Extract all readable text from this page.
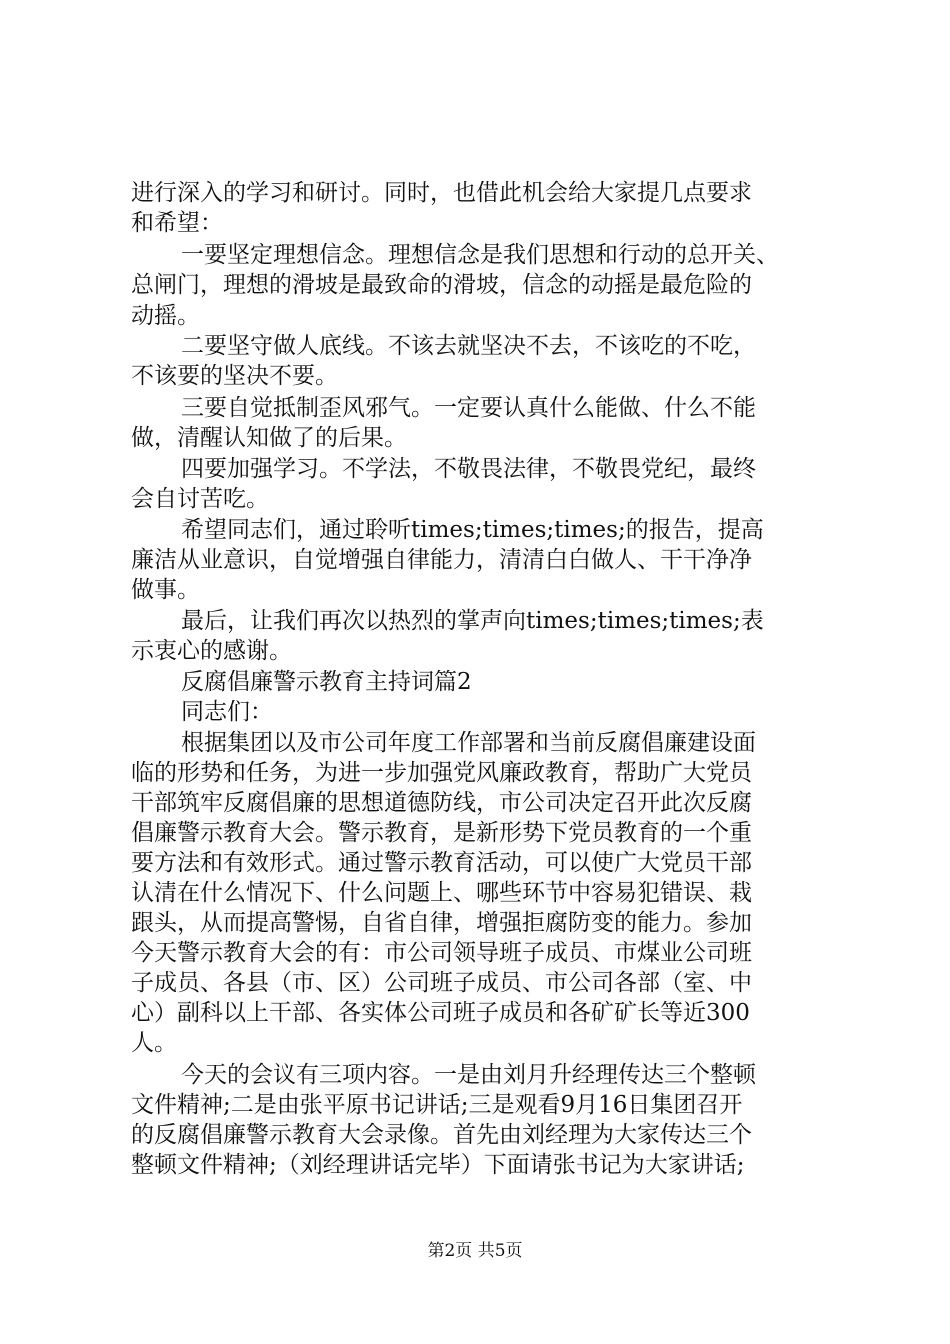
进行深入的学习和研讨。同时，也借此机会给大家提几点要求

和希望：

一要坚定理想信念。理想信念是我们思想和行动的总开关、

总闸门，理想的滑坡是最致命的滑坡，信念的动摇是最危险的

动摇。

二要坚守做人底线。不该去就坚决不去，不该吃的不吃，

不该要的坚决不要。

三要自觉抵制歪风邪气。一定要认真什么能做、什么不能

做，清醒认知做了的后果。

四要加强学习。不学法，不敬畏法律，不敬畏党纪，最终

会自讨苦吃。

希望同志们，通过聆听times;times;times;的报告，提高

廉洁从业意识，自觉增强自律能力，清清白白做人、干干净净

做事。

最后，让我们再次以热烈的掌声向times;times;times;表

示衷心的感谢。

反腐倡廉警示教育主持词篇2

同志们：

根据集团以及市公司年度工作部署和当前反腐倡廉建设面

临的形势和任务，为进一步加强党风廉政教育，帮助广大党员

干部筑牢反腐倡廉的思想道德防线，市公司决定召开此次反腐

倡廉警示教育大会。警示教育，是新形势下党员教育的一个重

要方法和有效形式。通过警示教育活动，可以使广大党员干部

认清在什么情况下、什么问题上、哪些环节中容易犯错误、栽

跟头，从而提高警惕，自省自律，增强拒腐防变的能力。参加

今天警示教育大会的有：市公司领导班子成员、市煤业公司班

子成员、各县（市、区）公司班子成员、市公司各部（室、中

心）副科以上干部、各实体公司班子成员和各矿矿长等近300

人。

今天的会议有三项内容。一是由刘月升经理传达三个整顿

文件精神;二是由张平原书记讲话;三是观看9月16日集团召开

的反腐倡廉警示教育大会录像。首先由刘经理为大家传达三个

整顿文件精神;（刘经理讲话完毕）下面请张书记为大家讲话;

第2页 共5页
